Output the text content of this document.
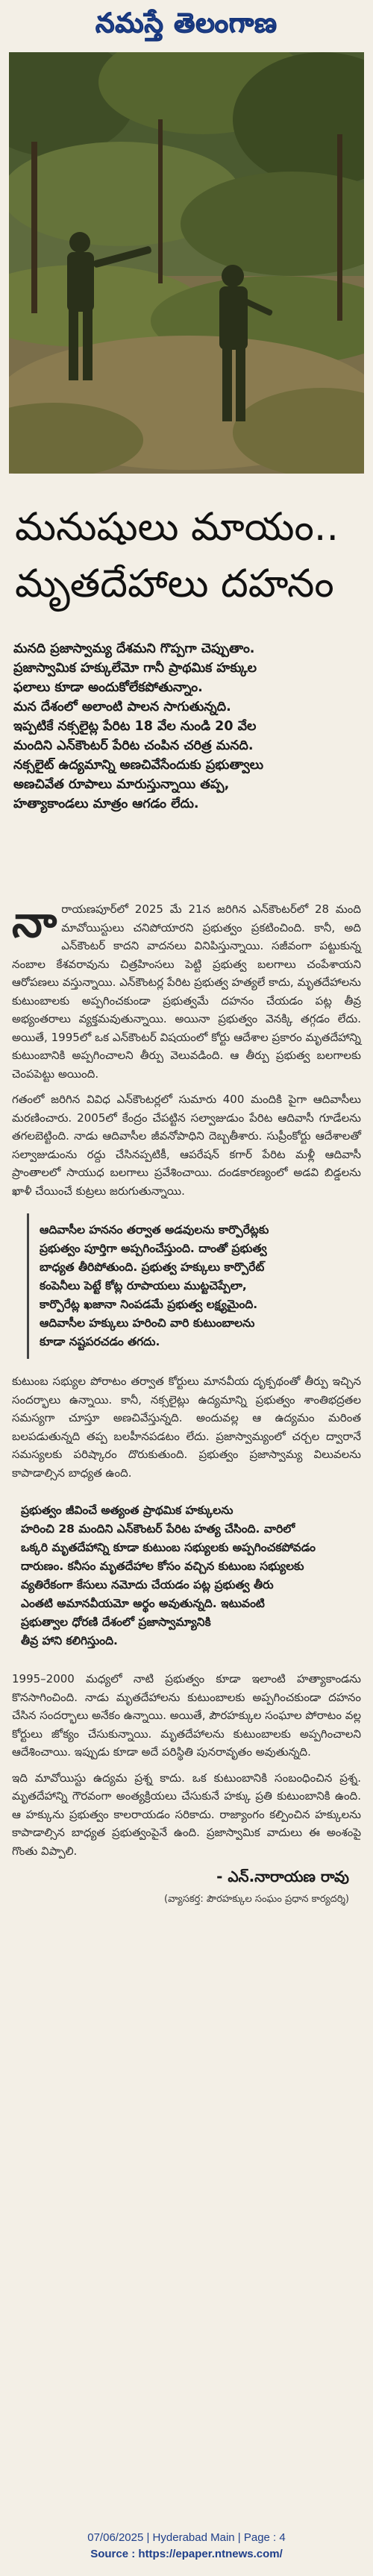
నమస్తే తెలంగాణ
మనుషులు మాయం..
మృతదేహాలు దహనం
మనది ప్రజాస్వామ్య దేశమని గొప్పగా చెప్పుతాం.
ప్రజాస్వామిక హక్కులేమో గానీ ప్రాథమిక హక్కుల
ఫలాలు కూడా అందుకోలేకపోతున్నాం.
మన దేశంలో అలాంటి పాలన సాగుతున్నది.
ఇప్పటికే నక్సలైట్ల పేరిట 18 వేల నుండి 20 వేల
మందిని ఎన్‌కౌంటర్ పేరిట చంపిన చరిత్ర మనది.
నక్సలైట్ ఉద్యమాన్ని అణచివేసేందుకు ప్రభుత్వాలు
అణచివేత రూపాలు మారుస్తున్నాయి తప్ప,
హత్యాకాండలు మాత్రం ఆగడం లేదు.

నారాయణపూర్‌లో 2025 మే 21న జరిగిన ఎన్‌కౌంటర్‌లో 28 మంది మావోయిస్టులు చనిపోయారని ప్రభుత్వం ప్రకటించింది. కానీ, అది ఎన్‌కౌంటర్ కాదని వాదనలు వినిపిస్తున్నాయి. సజీవంగా పట్టుకున్న నంబాల కేశవరావును చిత్రహింసలు పెట్టి ప్రభుత్వ బలగాలు చంపేశాయని ఆరోపణలు వస్తున్నాయి. ఎన్‌కౌంటర్ల పేరిట ప్రభుత్వ హత్యలే కాదు, మృతదేహాలను కుటుంబాలకు అప్పగించకుండా ప్రభుత్వమే దహనం చేయడం పట్ల తీవ్ర అభ్యంతరాలు వ్యక్తమవుతున్నాయి. అయినా ప్రభుత్వం వెనక్కి తగ్గడం లేదు. అయితే, 1995లో ఒక ఎన్‌కౌంటర్ విషయంలో కోర్టు ఆదేశాల ప్రకారం మృతదేహాన్ని కుటుంబానికి అప్పగించాలని తీర్పు వెలువడింది. ఆ తీర్పు ప్రభుత్వ బలగాలకు చెంపపెట్టు అయింది.

గతంలో జరిగిన వివిధ ఎన్‌కౌంటర్లలో సుమారు 400 మందికి పైగా ఆదివాసీలు మరణించారు. 2005లో కేంద్రం చేపట్టిన సల్వాజుడుం పేరిట ఆదివాసీ గూడేలను తగలబెట్టింది. నాడు ఆదివాసీల జీవనోపాధిని దెబ్బతీశారు. సుప్రీంకోర్టు ఆదేశాలతో సల్వాజుడుంను రద్దు చేసినప్పటికీ, ఆపరేషన్ కగార్ పేరిట మళ్లీ ఆదివాసీ ప్రాంతాలలో సాయుధ బలగాలు ప్రవేశించాయి. దండకారణ్యంలో అడవి బిడ్డలను ఖాళీ చేయించే కుట్రలు జరుగుతున్నాయి.

ఆదివాసీల హననం తర్వాత అడవులను కార్పొరేట్లకు
ప్రభుత్వం పూర్తిగా అప్పగించేస్తుంది. దాంతో ప్రభుత్వ
బాధ్యత తీరిపోతుంది. ప్రభుత్వ హక్కులు కార్పొరేట్
కంపెనీలు పెట్టే కోట్ల రూపాయలు ముట్టచెప్పేలా,
కార్పొరేట్ల ఖజానా నింపడమే ప్రభుత్వ లక్ష్యమైంది.
ఆదివాసీల హక్కులు హరించి వారి కుటుంబాలను
కూడా నష్టపరచడం తగదు.

కుటుంబ సభ్యుల పోరాటం తర్వాత కోర్టులు మానవీయ దృక్పథంతో తీర్పు ఇచ్చిన సందర్భాలు ఉన్నాయి. కానీ, నక్సలైట్లు ఉద్యమాన్ని ప్రభుత్వం శాంతిభద్రతల సమస్యగా చూస్తూ అణచివేస్తున్నది. అందువల్ల ఆ ఉద్యమం మరింత బలపడుతున్నది తప్ప బలహీనపడటం లేదు. ప్రజాస్వామ్యంలో చర్చల ద్వారానే సమస్యలకు పరిష్కారం దొరుకుతుంది. ప్రభుత్వం ప్రజాస్వామ్య విలువలను కాపాడాల్సిన బాధ్యత ఉంది.

ప్రభుత్వం జీవించే అత్యంత ప్రాథమిక హక్కులను
హరించి 28 మందిని ఎన్‌కౌంటర్ పేరిట హత్య చేసింది. వారిలో
ఒక్కరి మృతదేహాన్ని కూడా కుటుంబ సభ్యులకు అప్పగించకపోవడం
దారుణం. కనీసం మృతదేహాల కోసం వచ్చిన కుటుంబ సభ్యులకు
వ్యతిరేకంగా కేసులు నమోదు చేయడం పట్ల ప్రభుత్వ తీరు
ఎంతటి అమానవీయమో అర్థం అవుతున్నది. ఇటువంటి
ప్రభుత్వాల ధోరణి దేశంలో ప్రజాస్వామ్యానికి
తీవ్ర హాని కలిగిస్తుంది.

1995–2000 మధ్యలో నాటి ప్రభుత్వం కూడా ఇలాంటి హత్యాకాండను కొనసాగించింది. నాడు మృతదేహాలను కుటుంబాలకు అప్పగించకుండా దహనం చేసిన సందర్భాలు అనేకం ఉన్నాయి. అయితే, పౌరహక్కుల సంఘాల పోరాటం వల్ల కోర్టులు జోక్యం చేసుకున్నాయి. మృతదేహాలను కుటుంబాలకు అప్పగించాలని ఆదేశించాయి. ఇప్పుడు కూడా అదే పరిస్థితి పునరావృతం అవుతున్నది.

ఇది మావోయిస్టు ఉద్యమ ప్రశ్న కాదు. ఒక కుటుంబానికి సంబంధించిన ప్రశ్న. మృతదేహాన్ని గౌరవంగా అంత్యక్రియలు చేసుకునే హక్కు ప్రతి కుటుంబానికి ఉంది. ఆ హక్కును ప్రభుత్వం కాలరాయడం సరికాదు. రాజ్యాంగం కల్పించిన హక్కులను కాపాడాల్సిన బాధ్యత ప్రభుత్వంపైనే ఉంది. ప్రజాస్వామిక వాదులు ఈ అంశంపై గొంతు విప్పాలి.

- ఎన్.నారాయణ రావు
(వ్యాసకర్త: పౌరహక్కుల సంఘం ప్రధాన కార్యదర్శి)
07/06/2025 | Hyderabad Main | Page : 4
Source : https://epaper.ntnews.com/
